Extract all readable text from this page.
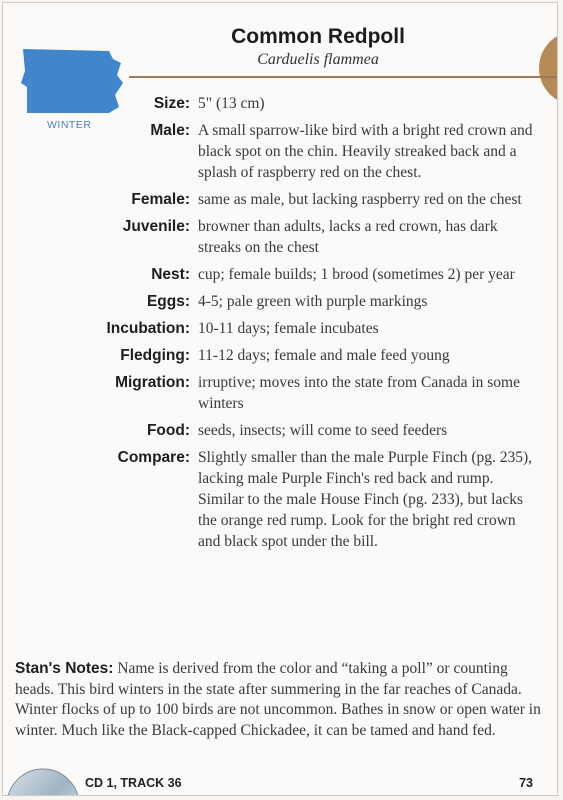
WINTER
Common Redpoll
Carduelis flammea
Size: 5" (13 cm)
Male: A small sparrow-like bird with a bright red crown and black spot on the chin. Heavily streaked back and a splash of raspberry red on the chest.
Female: same as male, but lacking raspberry red on the chest
Juvenile: browner than adults, lacks a red crown, has dark streaks on the chest
Nest: cup; female builds; 1 brood (sometimes 2) per year
Eggs: 4-5; pale green with purple markings
Incubation: 10-11 days; female incubates
Fledging: 11-12 days; female and male feed young
Migration: irruptive; moves into the state from Canada in some winters
Food: seeds, insects; will come to seed feeders
Compare: Slightly smaller than the male Purple Finch (pg. 235), lacking male Purple Finch's red back and rump. Similar to the male House Finch (pg. 233), but lacks the orange red rump. Look for the bright red crown and black spot under the bill.
Stan's Notes: Name is derived from the color and “taking a poll” or counting heads. This bird winters in the state after summering in the far reaches of Canada. Winter flocks of up to 100 birds are not uncommon. Bathes in snow or open water in winter. Much like the Black-capped Chickadee, it can be tamed and hand fed.
CD 1, TRACK 36	73
